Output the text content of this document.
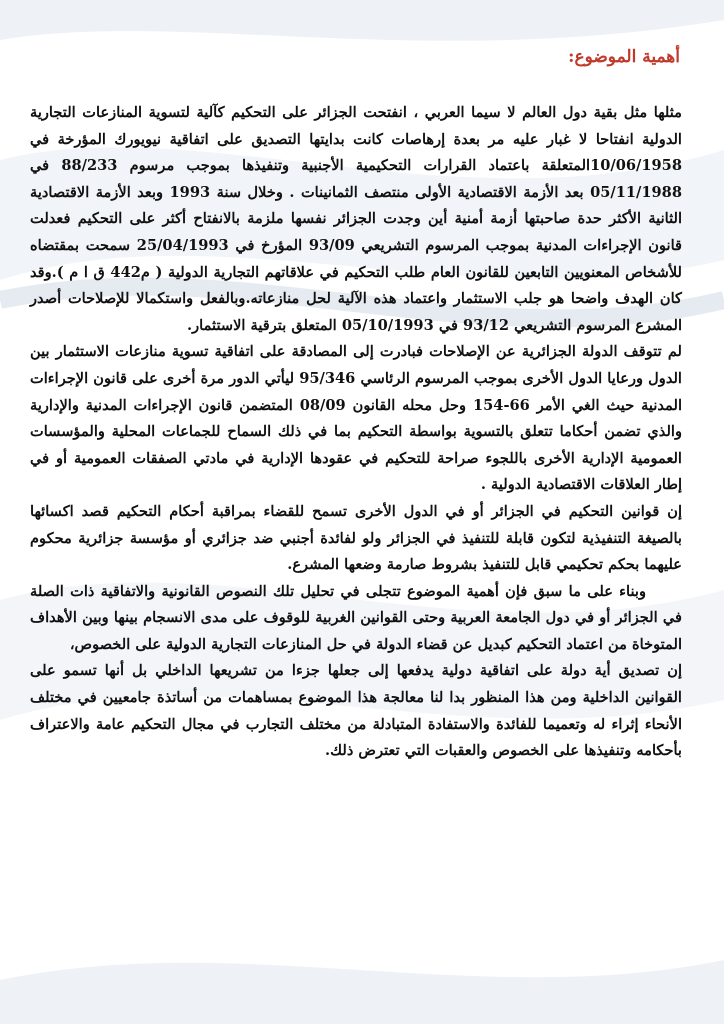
أهمية الموضوع:

مثلها مثل بقية دول العالم لا سيما العربي ، انفتحت الجزائر على التحكيم كآلية لتسوية المنازعات التجارية الدولية انفتاحا لا غبار عليه مر بعدة إرهاصات كانت بدايتها التصديق على اتفاقية نيويورك المؤرخة في 10/06/1958المتعلقة باعتماد القرارات التحكيمية الأجنبية وتنفيذها بموجب مرسوم 88/233 في 05/11/1988 بعد الأزمة الاقتصادية الأولى منتصف الثمانينات . وخلال سنة 1993 وبعد الأزمة الاقتصادية الثانية الأكثر حدة صاحبتها أزمة أمنية أين وجدت الجزائر نفسها ملزمة بالانفتاح أكثر على التحكيم فعدلت قانون الإجراءات المدنية بموجب المرسوم التشريعي 93/09 المؤرخ في 25/04/1993 سمحت بمقتضاه للأشخاص المعنويين التابعين للقانون العام طلب التحكيم في علاقاتهم التجارية الدولية ( م442 ق ا م ).وقد كان الهدف واضحا هو جلب الاستثمار واعتماد هذه الآلية لحل منازعاته.وبالفعل واستكمالا للإصلاحات أصدر المشرع المرسوم التشريعي 93/12 في 05/10/1993 المتعلق بترقية الاستثمار.

لم تتوقف الدولة الجزائرية عن الإصلاحات فبادرت إلى المصادقة على اتفاقية تسوية منازعات الاستثمار بين الدول ورعايا الدول الأخرى بموجب المرسوم الرئاسي 95/346 ليأتي الدور مرة أخرى على قانون الإجراءات المدنية حيث الغي الأمر 66-154 وحل محله القانون 08/09 المتضمن قانون الإجراءات المدنية والإدارية والذي تضمن أحكاما تتعلق بالتسوية بواسطة التحكيم بما في ذلك السماح للجماعات المحلية والمؤسسات العمومية الإدارية الأخرى باللجوء صراحة للتحكيم في عقودها الإدارية في مادتي الصفقات العمومية أو في إطار العلاقات الاقتصادية الدولية .

إن قوانين التحكيم في الجزائر أو في الدول الأخرى تسمح للقضاء بمراقبة أحكام التحكيم قصد اكسائها بالصيغة التنفيذية لتكون قابلة للتنفيذ في الجزائر ولو لفائدة أجنبي ضد جزائري أو مؤسسة جزائرية محكوم عليهما بحكم تحكيمي قابل للتنفيذ بشروط صارمة وضعها المشرع.

وبناء على ما سبق فإن أهمية الموضوع تتجلى في تحليل تلك النصوص القانونية والاتفاقية ذات الصلة في الجزائر أو في دول الجامعة العربية وحتى القوانين الغربية للوقوف على مدى الانسجام بينها وبين الأهداف المتوخاة من اعتماد التحكيم كبديل عن قضاء الدولة في حل المنازعات التجارية الدولية على الخصوص،

إن تصديق أية دولة على اتفاقية دولية يدفعها إلى جعلها جزءا من تشريعها الداخلي بل أنها تسمو على القوانين الداخلية ومن هذا المنظور بدا لنا معالجة هذا الموضوع بمساهمات من أساتذة جامعيين في مختلف الأنحاء إثراء له وتعميما للفائدة والاستفادة المتبادلة من مختلف التجارب في مجال التحكيم عامة والاعتراف بأحكامه وتنفيذها على الخصوص والعقبات التي تعترض ذلك.
